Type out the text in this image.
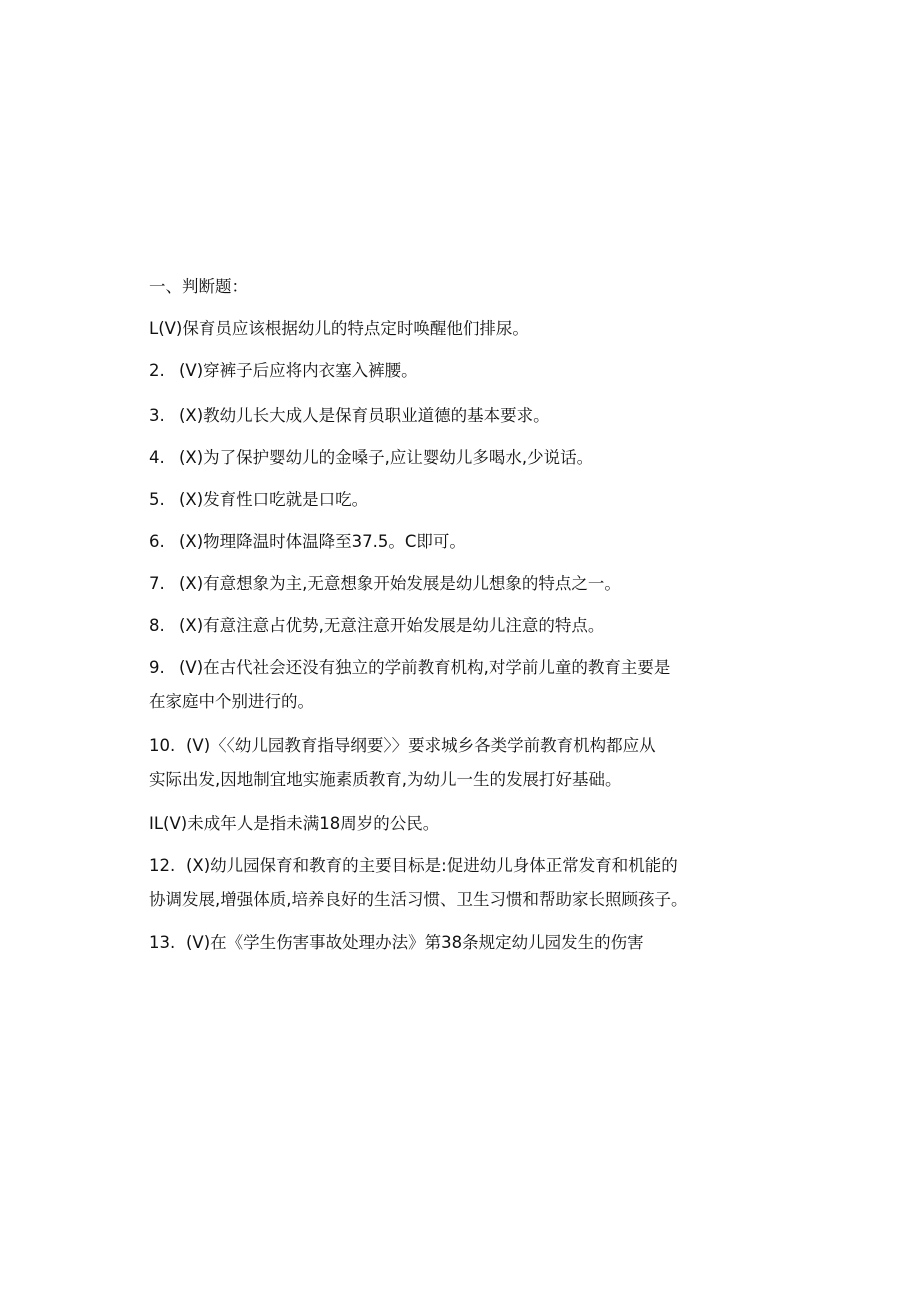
一、判断题：
L(V)保育员应该根据幼儿的特点定时唤醒他们排尿。
2. (V)穿裤子后应将内衣塞入裤腰。
3. (X)教幼儿长大成人是保育员职业道德的基本要求。
4. (X)为了保护婴幼儿的金嗓子,应让婴幼儿多喝水,少说话。
5. (X)发育性口吃就是口吃。
6. (X)物理降温时体温降至37.5。C即可。
7. (X)有意想象为主,无意想象开始发展是幼儿想象的特点之一。
8. (X)有意注意占优势,无意注意开始发展是幼儿注意的特点。
9. (V)在古代社会还没有独立的学前教育机构,对学前儿童的教育主要是
在家庭中个别进行的。
10. (V)〈〈幼儿园教育指导纲要〉〉要求城乡各类学前教育机构都应从
实际出发,因地制宜地实施素质教育,为幼儿一生的发展打好基础。
IL(V)未成年人是指未满18周岁的公民。
12. (X)幼儿园保育和教育的主要目标是:促进幼儿身体正常发育和机能的
协调发展,增强体质,培养良好的生活习惯、卫生习惯和帮助家长照顾孩子。
13. (V)在《学生伤害事故处理办法》第38条规定幼儿园发生的伤害
